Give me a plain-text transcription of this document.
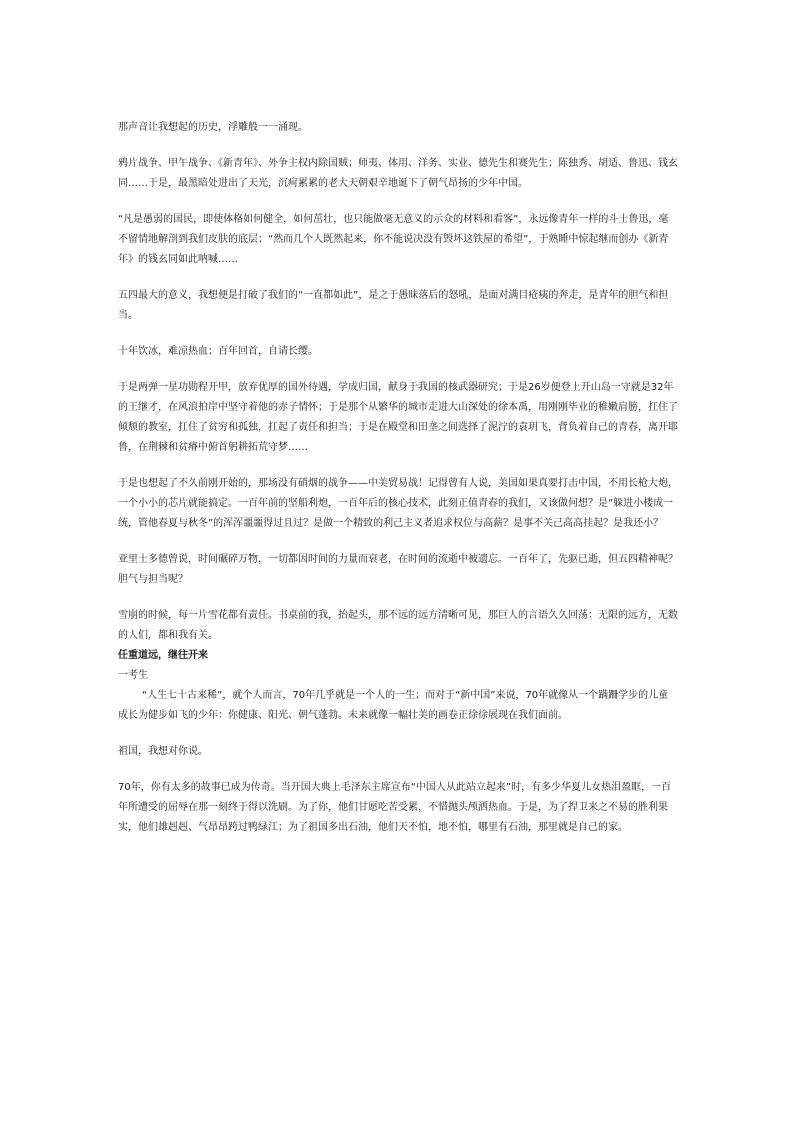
那声音让我想起的历史，浮雕般一一涌现。

鸦片战争、甲午战争、《新青年》、外争主权内除国贼；师夷、体用、洋务、实业、德先生和赛先生；陈独秀、胡适、鲁迅、钱玄同……于是，最黑暗处进出了天光，沉疴累累的老大天朝艰辛地诞下了朝气昂扬的少年中国。

“凡是愚弱的国民，即使体格如何健全，如何茁壮，也只能做毫无意义的示众的材料和看客”，永远像青年一样的斗士鲁迅，毫不留情地解剖到我们皮肤的底层；“然而几个人既然起来，你不能说决没有毁坏这铁屋的希望”，于熟睡中惊起继而创办《新青年》的钱玄同如此呐喊……

五四最大的意义，我想便是打破了我们的“一直都如此”，是之于愚昧落后的怒吼，是面对满目疮痍的奔走，是青年的胆气和担当。

十年饮冰，难凉热血；百年回首，自请长缨。

于是两弹一星功勋程开甲，放弃优厚的国外待遇，学成归国，献身于我国的核武器研究；于是26岁便登上开山岛一守就是32年的王继才，在风浪拍岸中坚守着他的赤子情怀；于是那个从繁华的城市走进大山深处的徐本禹，用刚刚毕业的稚嫩肩膀，扛住了倾颓的教室，扛住了贫穷和孤独，扛起了责任和担当；于是在殿堂和田垄之间选择了泥泞的袁玥飞，背负着自己的青春，离开耶鲁，在荆棘和贫瘠中俯首躬耕拓荒守梦……

于是也想起了不久前刚开始的，那场没有硝烟的战争——中美贸易战！记得曾有人说，美国如果真要打击中国，不用长枪大炮，一个小小的芯片就能搞定。一百年前的坚船利炮，一百年后的核心技术，此刻正值青春的我们，又该做何想？是“躲进小楼成一统，管他春夏与秋冬”的浑浑噩噩得过且过？是做一个精致的利己主义者追求权位与高薪？是事不关己高高挂起？是我还小？

亚里士多德曾说，时间碾碎万物，一切都因时间的力量而衰老，在时间的流逝中被遗忘。一百年了，先驱已逝，但五四精神呢？胆气与担当呢？

雪崩的时候，每一片雪花都有责任。书桌前的我，抬起头，那不远的远方清晰可见，那巨人的言语久久回荡：无限的远方，无数的人们，都和我有关。

任重道远，继往开来

一考生

“人生七十古来稀”，就个人而言，70年几乎就是一个人的一生；而对于“新中国”来说，70年就像从一个蹒跚学步的儿童成长为健步如飞的少年：你健康、阳光、朝气蓬勃。未来就像一幅壮美的画卷正徐徐展现在我们面前。

祖国，我想对你说。

70年，你有太多的故事已成为传奇。当开国大典上毛泽东主席宣布“中国人从此站立起来”时，有多少华夏儿女热泪盈眶，一百年所遭受的屈辱在那一刻终于得以洗刷。为了你，他们甘愿吃苦受累，不惜抛头颅洒热血。于是，为了捍卫来之不易的胜利果实，他们雄赳赳、气昂昂跨过鸭绿江；为了祖国多出石油，他们天不怕，地不怕，哪里有石油，那里就是自己的家。
